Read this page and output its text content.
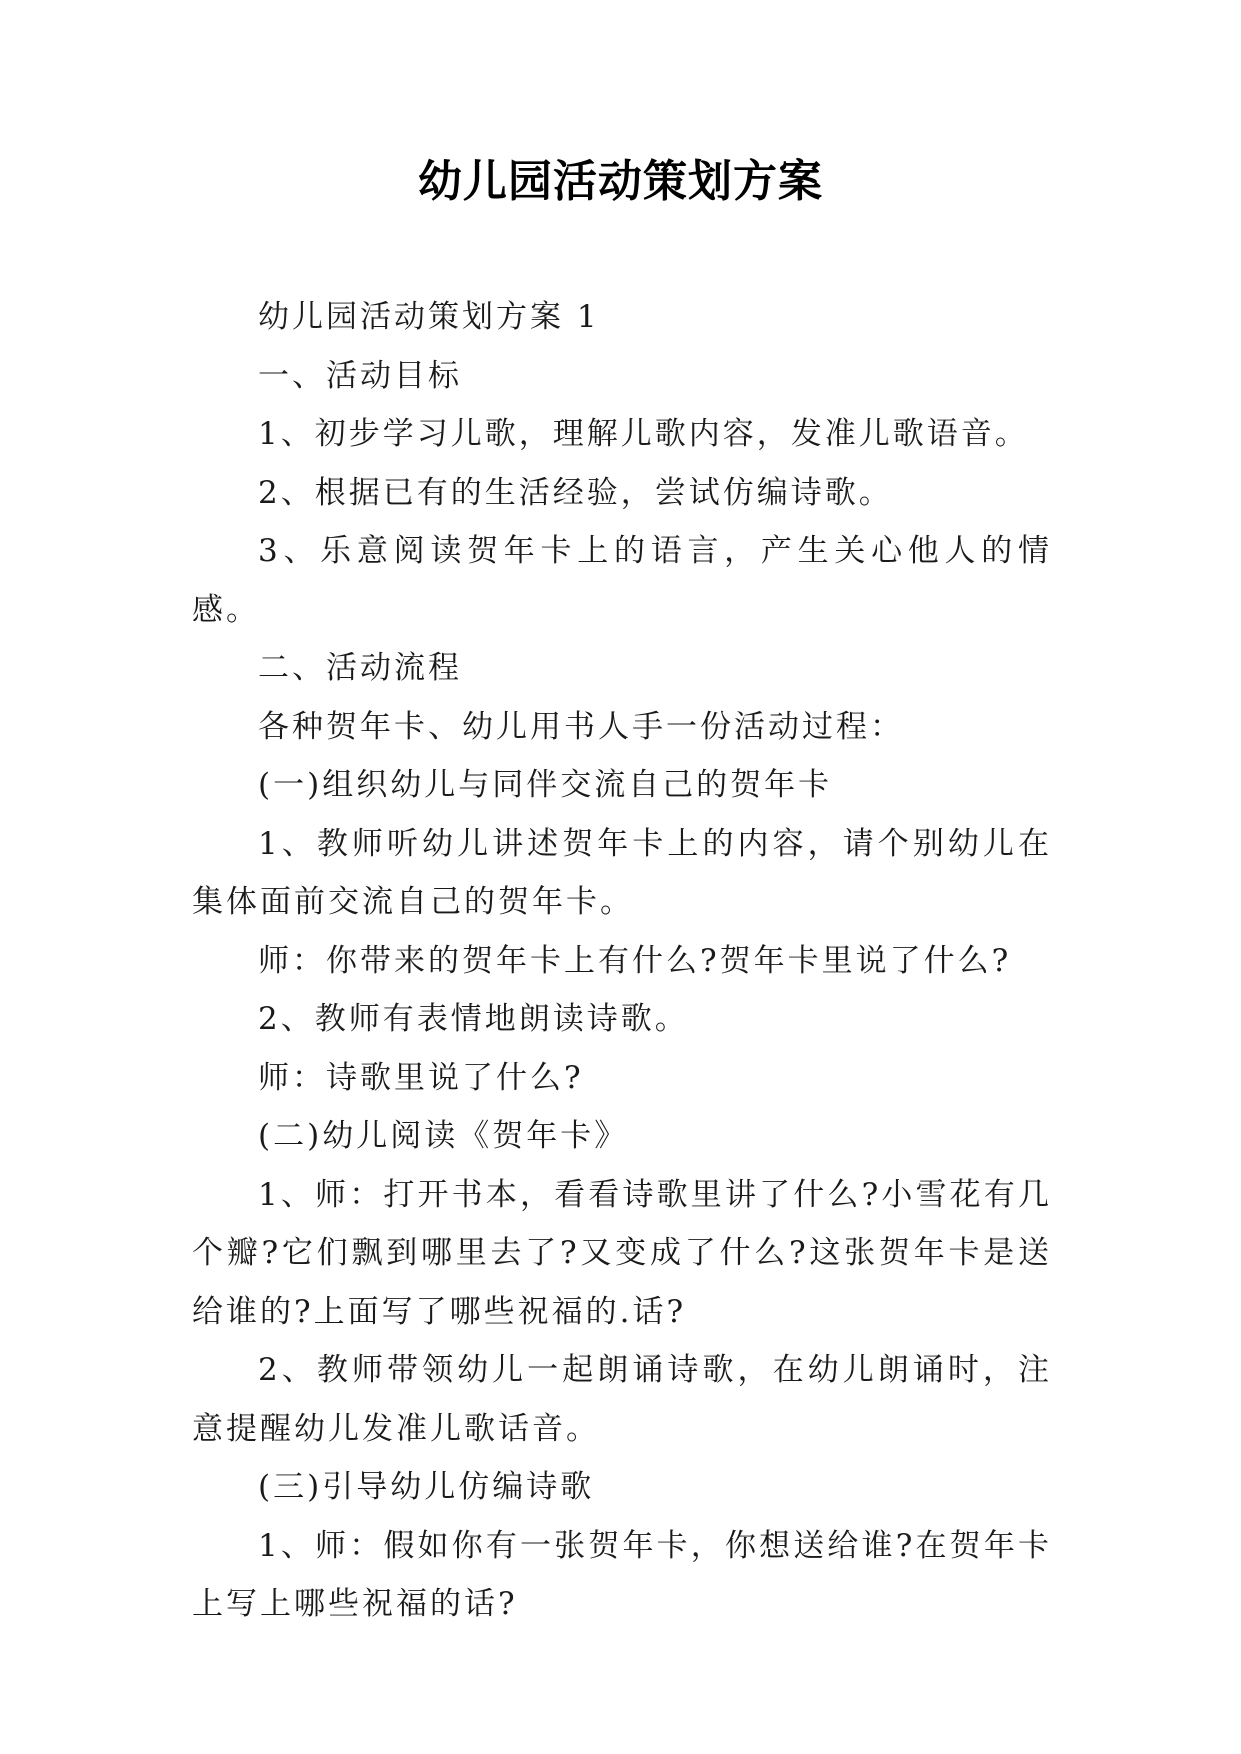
幼儿园活动策划方案

幼儿园活动策划方案 1

一、活动目标

1、初步学习儿歌，理解儿歌内容，发准儿歌语音。

2、根据已有的生活经验，尝试仿编诗歌。

3、乐意阅读贺年卡上的语言，产生关心他人的情感。

二、活动流程

各种贺年卡、幼儿用书人手一份活动过程：

(一)组织幼儿与同伴交流自己的贺年卡

1、教师听幼儿讲述贺年卡上的内容，请个别幼儿在集体面前交流自己的贺年卡。

师：你带来的贺年卡上有什么?贺年卡里说了什么?

2、教师有表情地朗读诗歌。

师：诗歌里说了什么?

(二)幼儿阅读《贺年卡》

1、师：打开书本，看看诗歌里讲了什么?小雪花有几个瓣?它们飘到哪里去了?又变成了什么?这张贺年卡是送给谁的?上面写了哪些祝福的.话?

2、教师带领幼儿一起朗诵诗歌，在幼儿朗诵时，注意提醒幼儿发准儿歌话音。

(三)引导幼儿仿编诗歌

1、师：假如你有一张贺年卡，你想送给谁?在贺年卡上写上哪些祝福的话?
